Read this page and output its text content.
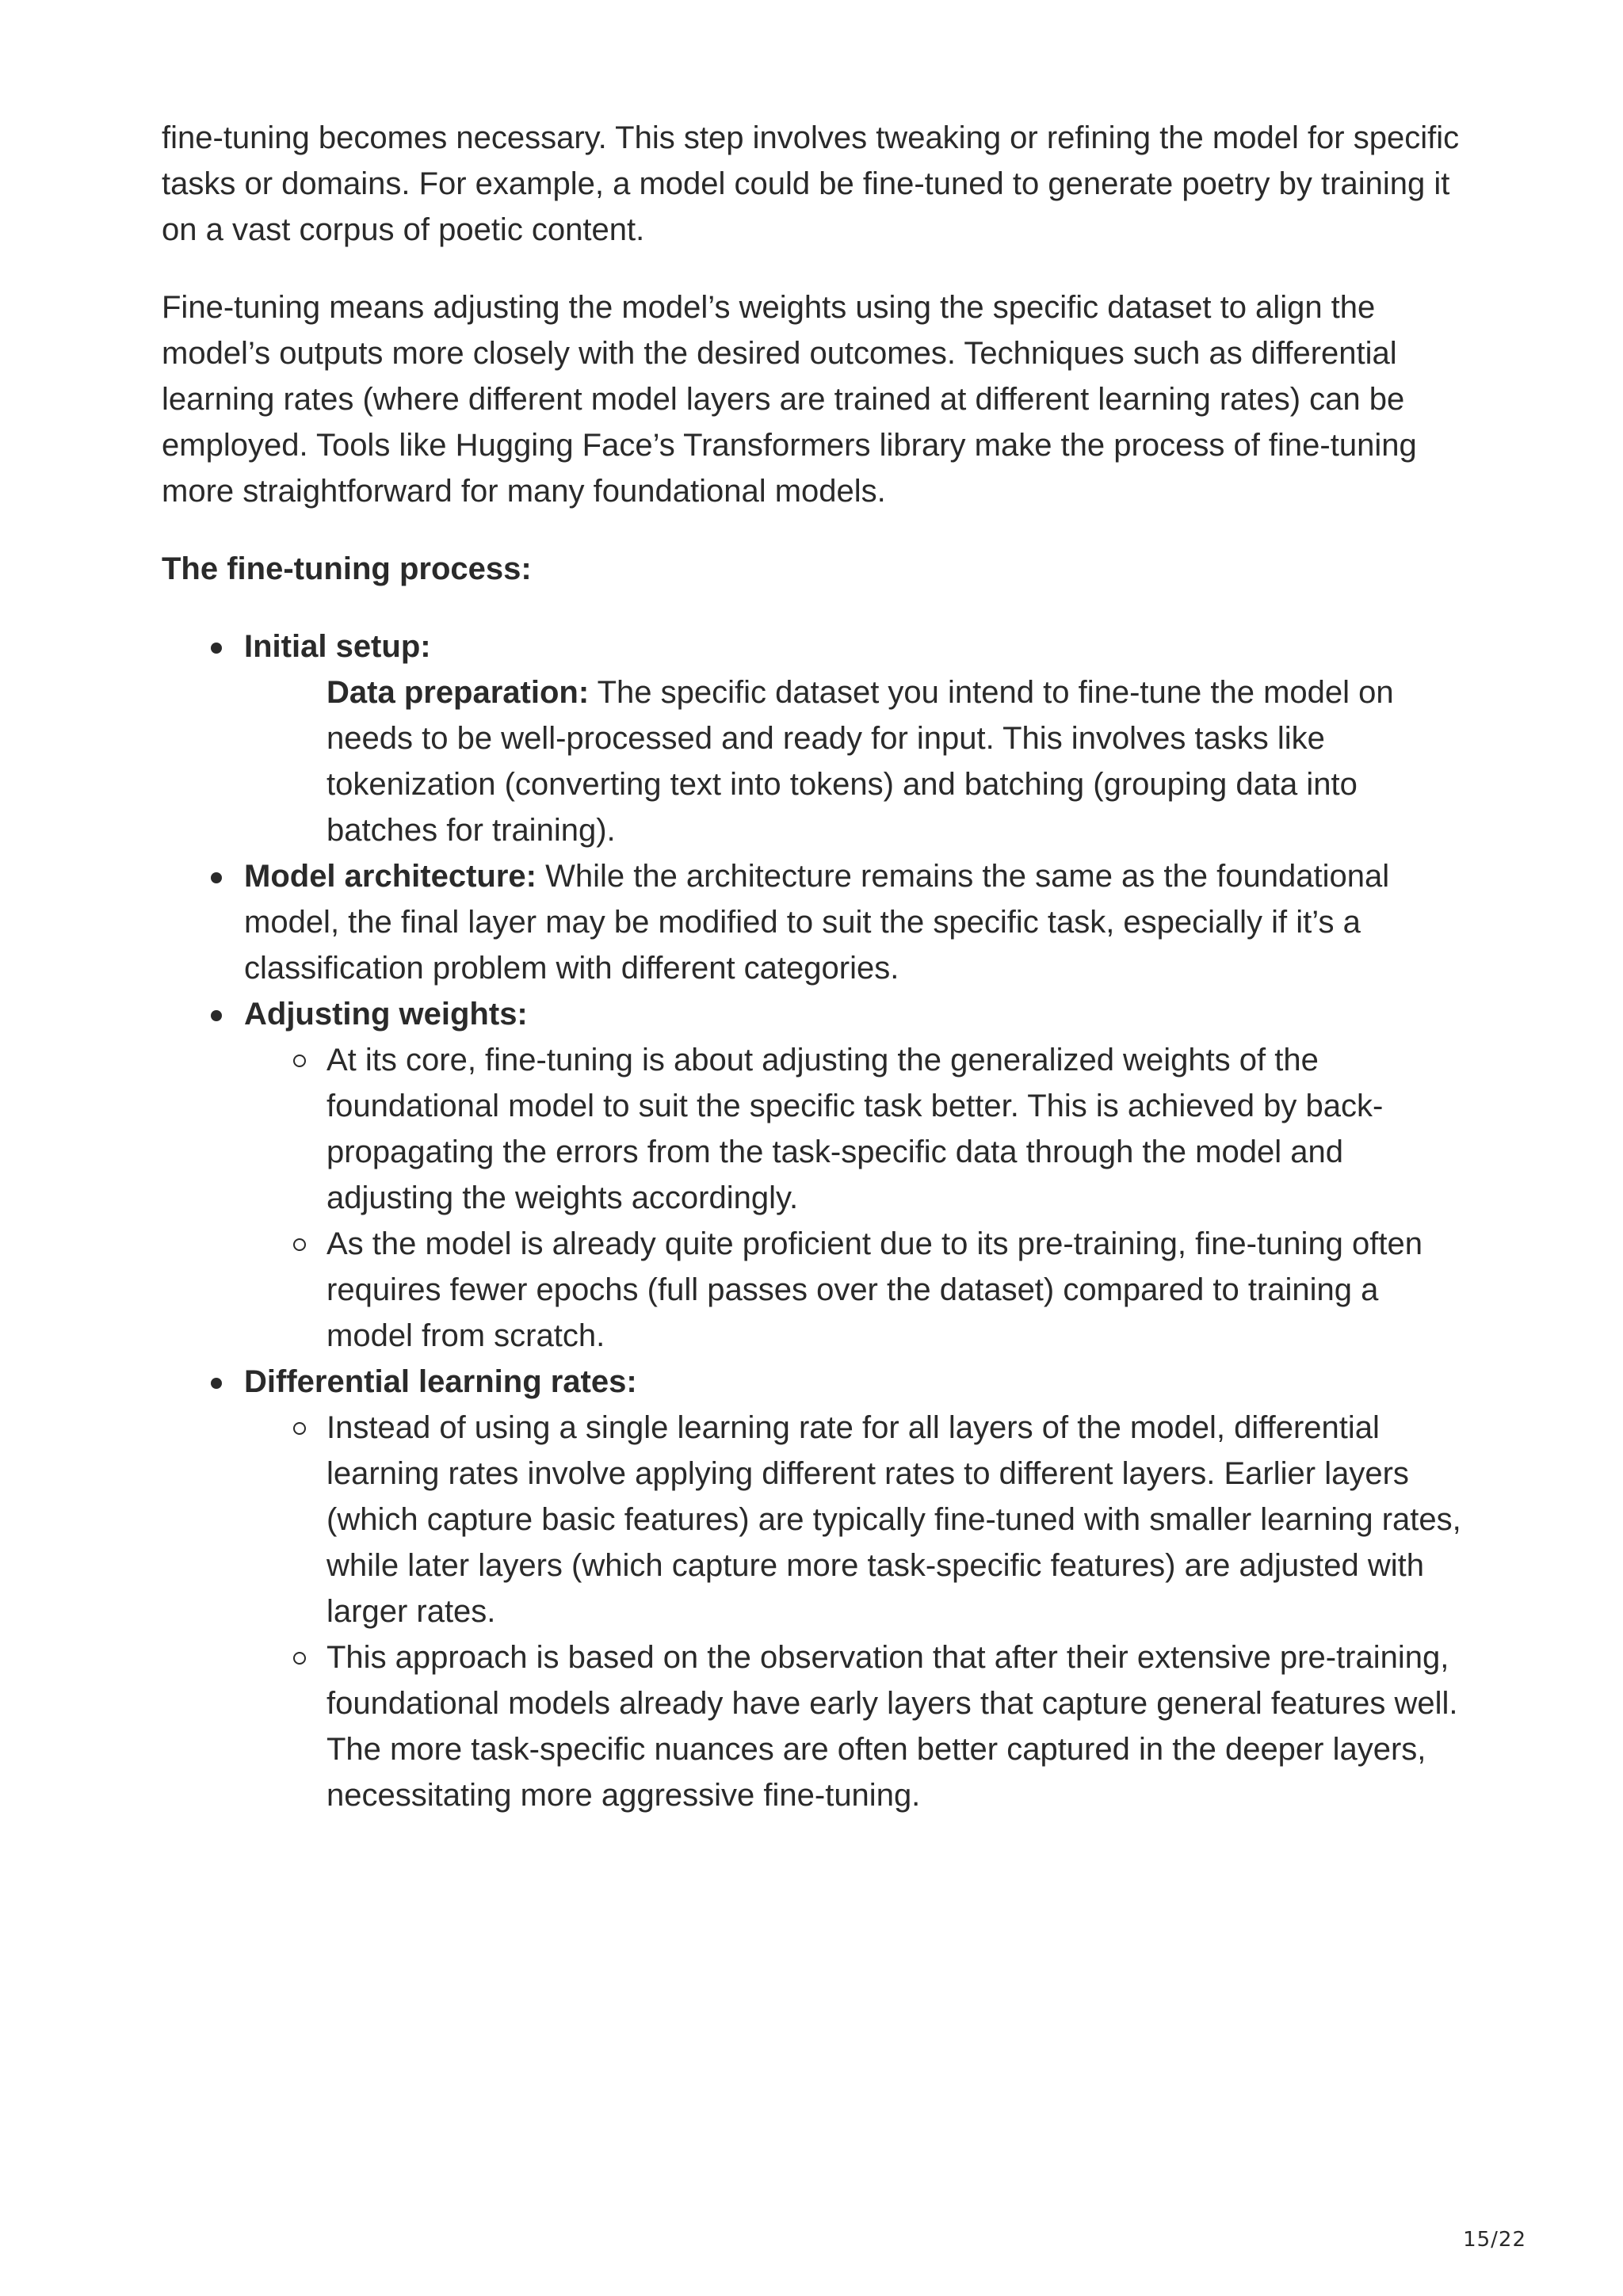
fine-tuning becomes necessary. This step involves tweaking or refining the model for specific tasks or domains. For example, a model could be fine-tuned to generate poetry by training it on a vast corpus of poetic content.

Fine-tuning means adjusting the model’s weights using the specific dataset to align the model’s outputs more closely with the desired outcomes. Techniques such as differential learning rates (where different model layers are trained at different learning rates) can be employed. Tools like Hugging Face’s Transformers library make the process of fine-tuning more straightforward for many foundational models.

The fine-tuning process:
Initial setup:
Data preparation: The specific dataset you intend to fine-tune the model on needs to be well-processed and ready for input. This involves tasks like tokenization (converting text into tokens) and batching (grouping data into batches for training).
Model architecture: While the architecture remains the same as the foundational model, the final layer may be modified to suit the specific task, especially if it’s a classification problem with different categories.
Adjusting weights:
At its core, fine-tuning is about adjusting the generalized weights of the foundational model to suit the specific task better. This is achieved by back-propagating the errors from the task-specific data through the model and adjusting the weights accordingly.
As the model is already quite proficient due to its pre-training, fine-tuning often requires fewer epochs (full passes over the dataset) compared to training a model from scratch.
Differential learning rates:
Instead of using a single learning rate for all layers of the model, differential learning rates involve applying different rates to different layers. Earlier layers (which capture basic features) are typically fine-tuned with smaller learning rates, while later layers (which capture more task-specific features) are adjusted with larger rates.
This approach is based on the observation that after their extensive pre-training, foundational models already have early layers that capture general features well. The more task-specific nuances are often better captured in the deeper layers, necessitating more aggressive fine-tuning.
15/22
